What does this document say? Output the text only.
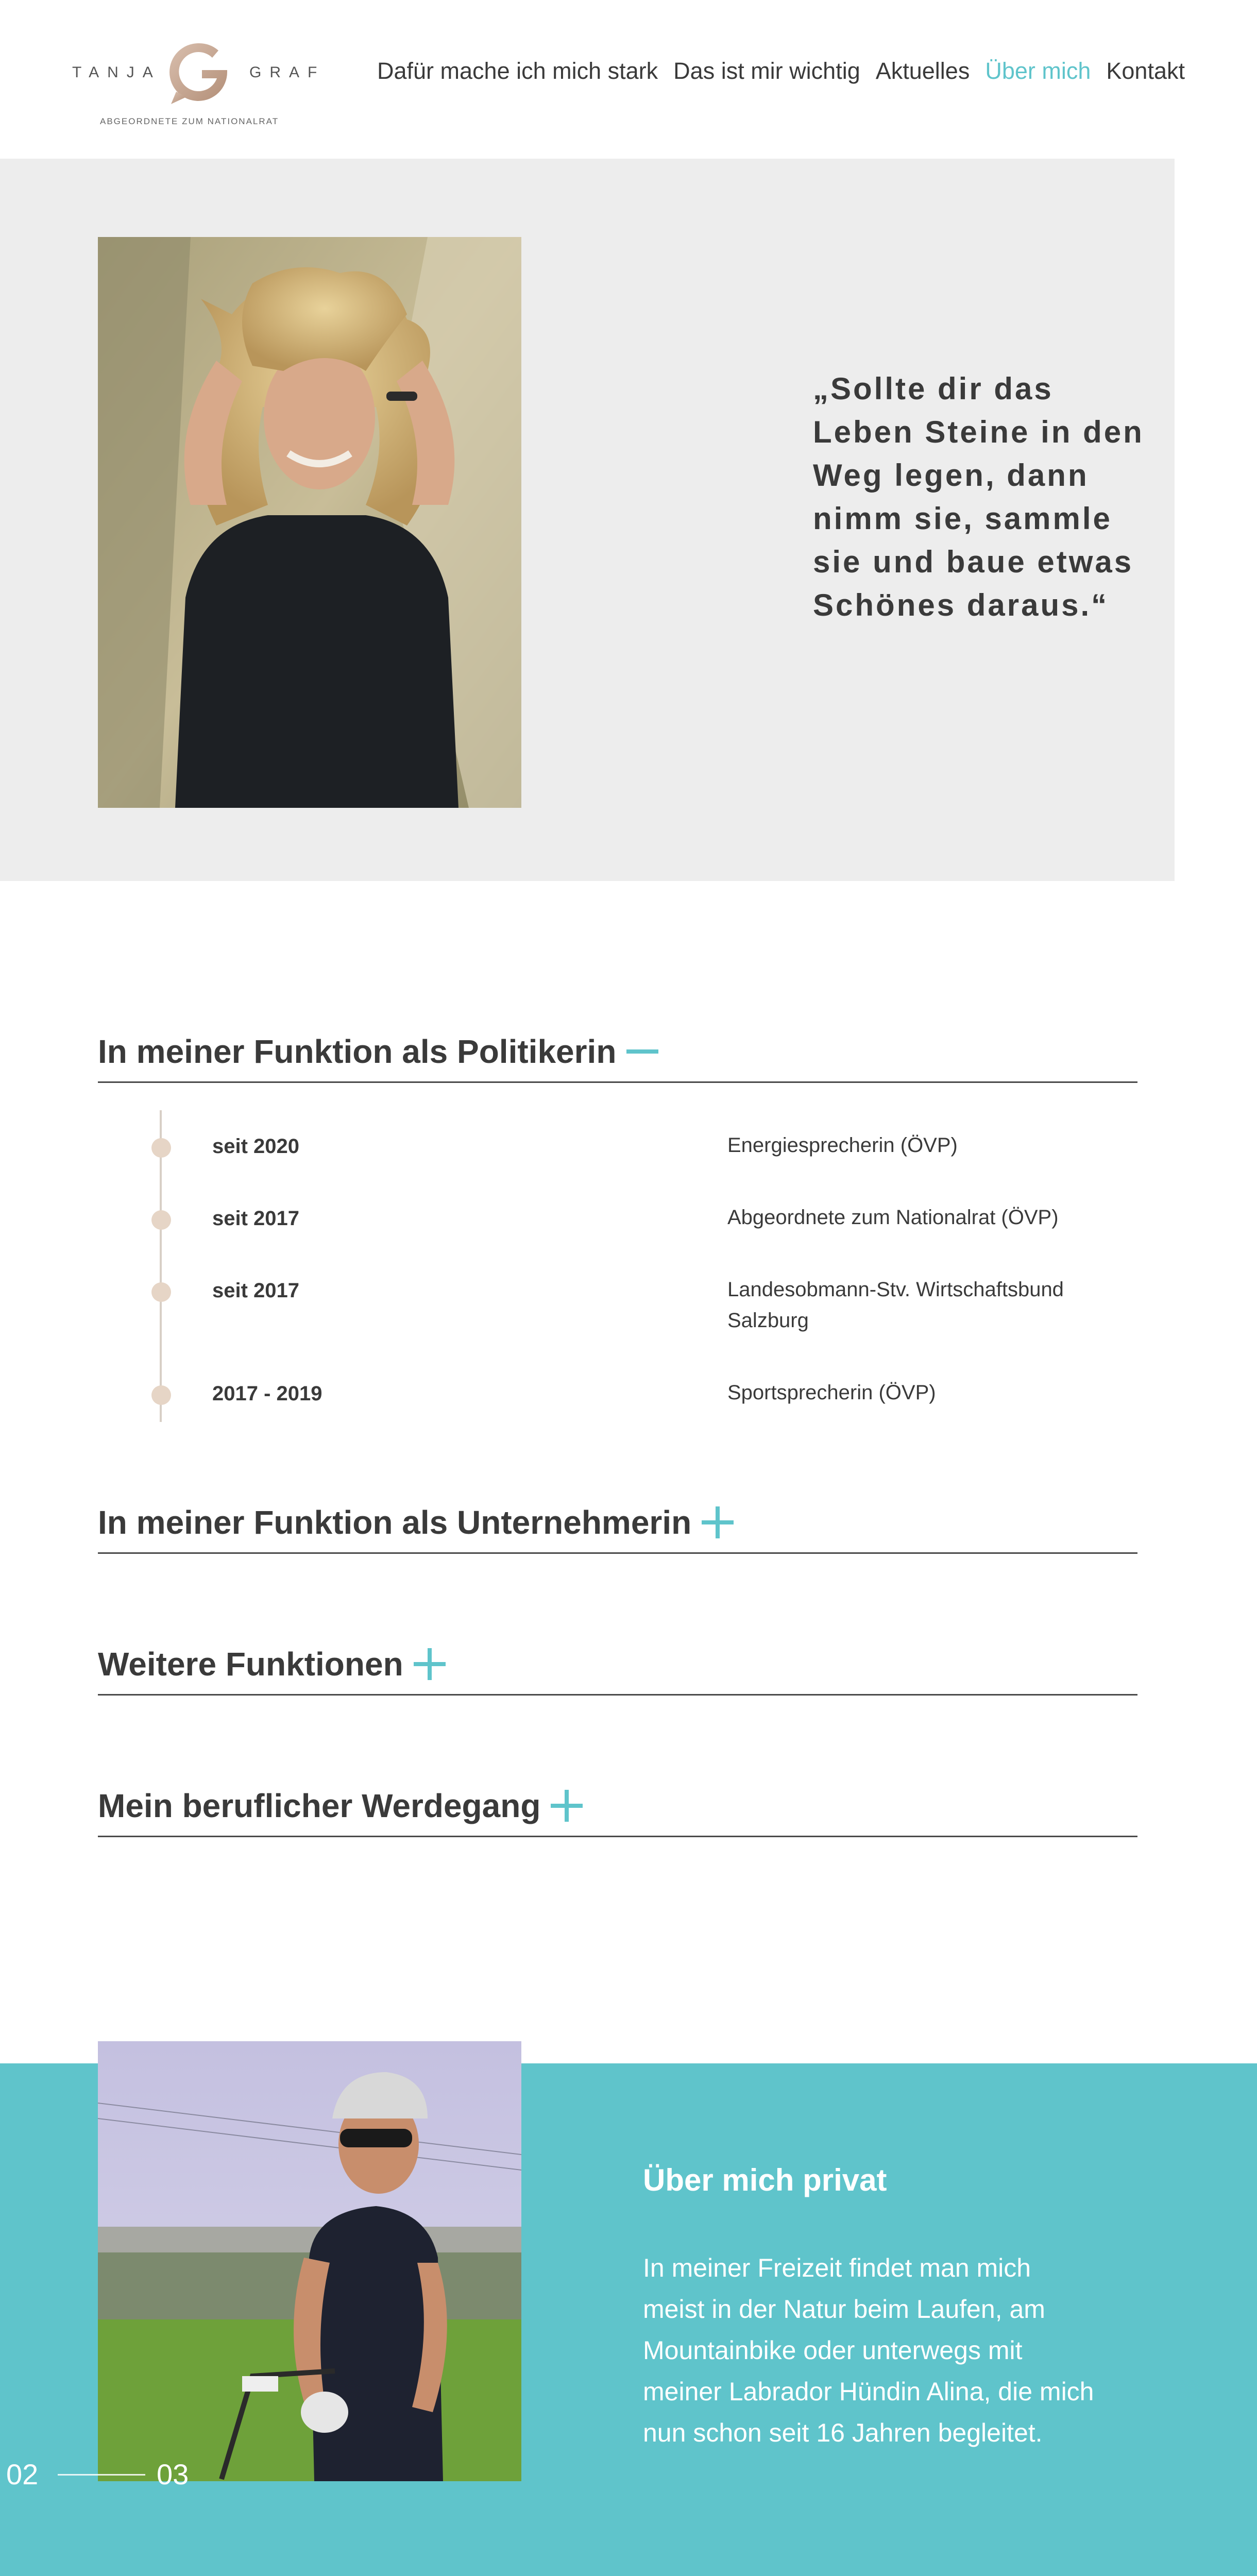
TANJA	GRAF
ABGEORDNETE ZUM NATIONALRAT
Dafür mache ich mich stark Das ist mir wichtig Aktuelles Über mich Kontakt

„Sollte dir das Leben Steine in den Weg legen, dann nimm sie, sammle sie und baue etwas Schönes daraus.“

In meiner Funktion als Politikerin
seit 2020	Energiesprecherin (ÖVP)
seit 2017	Abgeordnete zum Nationalrat (ÖVP)
seit 2017	Landesobmann-Stv. Wirtschaftsbund Salzburg
2017 - 2019	Sportsprecherin (ÖVP)
In meiner Funktion als Unternehmerin
Weitere Funktionen
Mein beruflicher Werdegang
Über mich privat

In meiner Freizeit findet man mich meist in der Natur beim Laufen, am Mountainbike oder unterwegs mit meiner Labrador Hündin Alina, die mich nun schon seit 16 Jahren begleitet.

02	03
